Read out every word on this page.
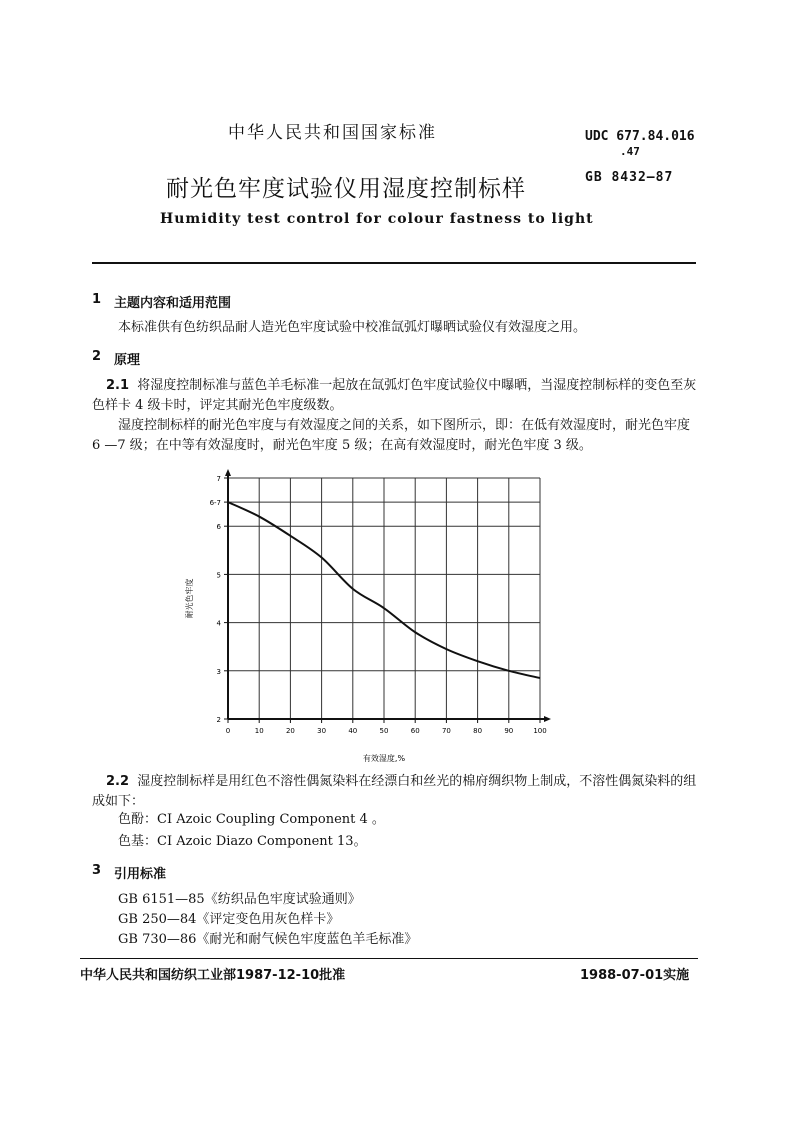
中华人民共和国国家标准	UDC 677.84.016
.47
耐光色牢度试验仪用湿度控制标样	GB 8432—87
Humidity test control for colour fastness to light
1 主题内容和适用范围
本标准供有色纺织品耐人造光色牢度试验中校准氙弧灯曝晒试验仪有效湿度之用。
2 原理
2.1 将湿度控制标准与蓝色羊毛标准一起放在氙弧灯色牢度试验仪中曝晒，当湿度控制标样的变色至灰色样卡 4 级卡时，评定其耐光色牢度级数。
湿度控制标样的耐光色牢度与有效湿度之间的关系，如下图所示，即：在低有效湿度时，耐光色牢度 6 —7 级；在中等有效湿度时，耐光色牢度 5 级；在高有效湿度时，耐光色牢度 3 级。
2
3
4
5
6-7
6
7
0	10	20	30	40	50	60	70	80	90	100
有效湿度,%
耐光色牢度
2.2 湿度控制标样是用红色不溶性偶氮染料在经漂白和丝光的棉府绸织物上制成，不溶性偶氮染料的组成如下：
色酚：CI Azoic Coupling Component 4 。
色基：CI Azoic Diazo Component 13。
3 引用标准
GB 6151—85《纺织品色牢度试验通则》
GB 250—84《评定变色用灰色样卡》
GB 730—86《耐光和耐气候色牢度蓝色羊毛标准》
中华人民共和国纺织工业部1987-12-10批准	1988-07-01实施
